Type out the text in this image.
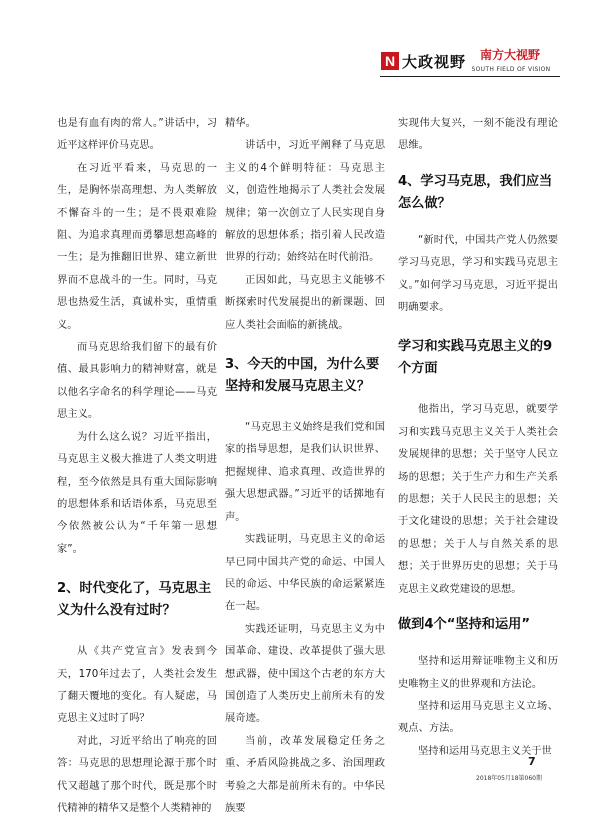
N 大政视野	南方大视野
SOUTH FIELD OF VISION

也是有血有肉的常人。”讲话中，习近平这样评价马克思。

在习近平看来，马克思的一生，是胸怀崇高理想、为人类解放不懈奋斗的一生；是不畏艰难险阻、为追求真理而勇攀思想高峰的一生；是为推翻旧世界、建立新世界而不息战斗的一生。同时，马克思也热爱生活，真诚朴实，重情重义。

而马克思给我们留下的最有价值、最具影响力的精神财富，就是以他名字命名的科学理论——马克思主义。

为什么这么说？习近平指出，马克思主义极大推进了人类文明进程，至今依然是具有重大国际影响的思想体系和话语体系，马克思至今依然被公认为“千年第一思想家”。

2、时代变化了，马克思主义为什么没有过时？

从《共产党宣言》发表到今天，170年过去了，人类社会发生了翻天覆地的变化。有人疑虑，马克思主义过时了吗？

对此，习近平给出了响亮的回答：马克思的思想理论源于那个时代又超越了那个时代，既是那个时代精神的精华又是整个人类精神的

精华。

讲话中，习近平阐释了马克思主义的4个鲜明特征：马克思主义，创造性地揭示了人类社会发展规律；第一次创立了人民实现自身解放的思想体系；指引着人民改造世界的行动；始终站在时代前沿。

正因如此，马克思主义能够不断探索时代发展提出的新课题、回应人类社会面临的新挑战。

3、今天的中国，为什么要坚持和发展马克思主义？

“马克思主义始终是我们党和国家的指导思想，是我们认识世界、把握规律、追求真理、改造世界的强大思想武器。”习近平的话掷地有声。

实践证明，马克思主义的命运早已同中国共产党的命运、中国人民的命运、中华民族的命运紧紧连在一起。

实践还证明，马克思主义为中国革命、建设、改革提供了强大思想武器，使中国这个古老的东方大国创造了人类历史上前所未有的发展奇迹。

当前，改革发展稳定任务之重、矛盾风险挑战之多、治国理政考验之大都是前所未有的。中华民族要

实现伟大复兴，一刻不能没有理论思维。

4、学习马克思，我们应当怎么做？

“新时代，中国共产党人仍然要学习马克思，学习和实践马克思主义。”如何学习马克思，习近平提出明确要求。

学习和实践马克思主义的9个方面

他指出，学习马克思，就要学习和实践马克思主义关于人类社会发展规律的思想；关于坚守人民立场的思想；关于生产力和生产关系的思想；关于人民民主的思想；关于文化建设的思想；关于社会建设的思想；关于人与自然关系的思想；关于世界历史的思想；关于马克思主义政党建设的思想。

做到4个“坚持和运用”

坚持和运用辩证唯物主义和历史唯物主义的世界观和方法论。

坚持和运用马克思主义立场、观点、方法。

坚持和运用马克思主义关于世

7
2018年05月18第060期
